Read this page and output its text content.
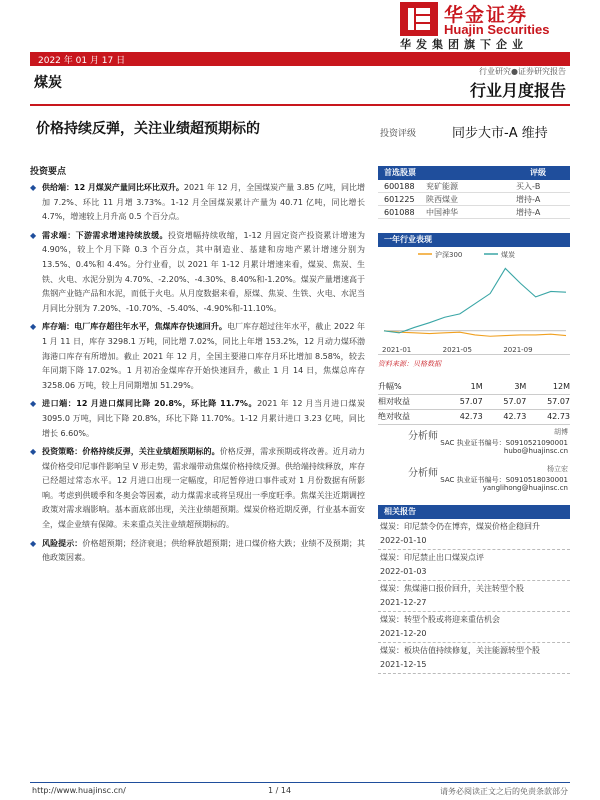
华金证券
Huajin Securities
华发集团旗下企业
2022 年 01 月 17 日
煤炭
行业研究●证券研究报告
行业月度报告
价格持续反弹，关注业绩超预期标的	投资评级	同步大市-A 维持
投资要点
◆ 供给端：12 月煤炭产量同比环比双升。2021 年 12 月，全国煤炭产量 3.85 亿吨，同比增加 7.2%、环比 11 月增 3.73%。1-12 月全国煤炭累计产量为 40.71 亿吨，同比增长 4.7%，增速较上月升高 0.5 个百分点。
◆ 需求端：下游需求增速持续放缓。投资增幅持续收缩，1-12 月固定资产投资累计增速为 4.90%，较上个月下降 0.3 个百分点，其中制造业、基建和房地产累计增速分别为 13.5%、0.4%和 4.4%。分行业看，以 2021 年 1-12 月累计增速来看，煤炭、焦炭、生铁、火电、水泥分别为 4.70%、-2.20%、-4.30%、8.40%和-1.20%。煤炭产量增速高于焦钢产业链产品和水泥，而低于火电。从月度数据来看，原煤、焦炭、生铁、火电、水泥当月同比分别为 7.20%、-10.70%、-5.40%、-4.90%和-11.10%。
◆ 库存端：电厂库存超往年水平，焦煤库存快速回升。电厂库存超过往年水平，截止 2022 年 1 月 11 日，库存 3298.1 万吨，同比增 7.02%，同比上年增 153.2%，12 月动力煤环渤海港口库存有所增加。截止 2021 年 12 月，全国主要港口库存月环比增加 8.58%，较去年同期下降 17.02%。1 月初冶金煤库存开始快速回升，截止 1 月 14 日，焦煤总库存 3258.06 万吨，较上月同期增加 51.29%。
◆ 进口端：12 月进口煤同比降 20.8%，环比降 11.7%。2021 年 12 月当月进口煤炭 3095.0 万吨，同比下降 20.8%，环比下降 11.70%。1-12 月累计进口 3.23 亿吨，同比增长 6.60%。
◆ 投资策略：价格持续反弹，关注业绩超预期标的。价格反弹，需求预期或将改善。近月动力煤价格受印尼事件影响呈 V 形走势，需求端带动焦煤价格持续反弹。供给端持续释放，库存已经超过常态水平。12 月进口出现一定幅度，印尼暂停进口事件或对 1 月份数据有所影响。考虑到供暖季和冬奥会等因素，动力煤需求或将呈现出一季度旺季。焦煤关注近期调控政策对需求端影响。基本面底部出现，关注业绩超预期。煤炭价格近期反弹，行业基本面安全，煤企业绩有保障。未来重点关注业绩超预期标的。
◆ 风险提示：价格超预期；经济衰退；供给释放超预期；进口煤价格大跌；业绩不及预期；其他政策因素。
首选股票	评级
600188	兖矿能源	买入-B
601225	陕西煤业	增持-A
601088	中国神华	增持-A
一年行业表现
沪深300	煤炭
2021-01	2021-05	2021-09
资料来源：贝格数据
升幅%	1M	3M	12M
相对收益	57.07	57.07	57.07
绝对收益	42.73	42.73	42.73
分析师	胡博
SAC 执业证书编号：S0910521090001
hubo@huajinsc.cn
分析师	杨立宏
SAC 执业证书编号：S0910518030001
yanglihong@huajinsc.cn
相关报告
煤炭：印尼禁令仍在博弈，煤炭价格企稳回升
2022-01-10
煤炭：印尼禁止出口煤炭点评
2022-01-03
煤炭：焦煤港口报价回升，关注转型个股
2021-12-27
煤炭：转型个股或将迎来重估机会
2021-12-20
煤炭：板块估值持续修复，关注能源转型个股
2021-12-15
http://www.huajinsc.cn/	1 / 14	请务必阅读正文之后的免责条款部分
